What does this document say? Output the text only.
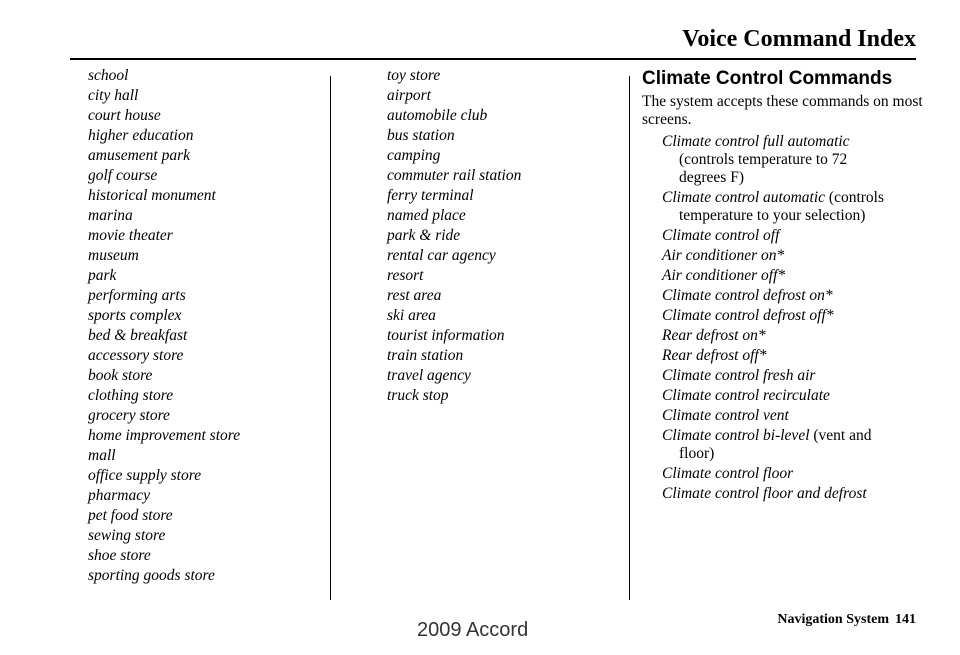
Voice Command Index
school
city hall
court house
higher education
amusement park
golf course
historical monument
marina
movie theater
museum
park
performing arts
sports complex
bed & breakfast
accessory store
book store
clothing store
grocery store
home improvement store
mall
office supply store
pharmacy
pet food store
sewing store
shoe store
sporting goods store
toy store
airport
automobile club
bus station
camping
commuter rail station
ferry terminal
named place
park & ride
rental car agency
resort
rest area
ski area
tourist information
train station
travel agency
truck stop
Climate Control Commands

The system accepts these commands on most screens.

Climate control full automatic
(controls temperature to 72
degrees F)
Climate control automatic (controls
temperature to your selection)
Climate control off
Air conditioner on*
Air conditioner off*
Climate control defrost on*
Climate control defrost off*
Rear defrost on*
Rear defrost off*
Climate control fresh air
Climate control recirculate
Climate control vent
Climate control bi-level (vent and
floor)
Climate control floor
Climate control floor and defrost
Navigation System 141
2009 Accord
